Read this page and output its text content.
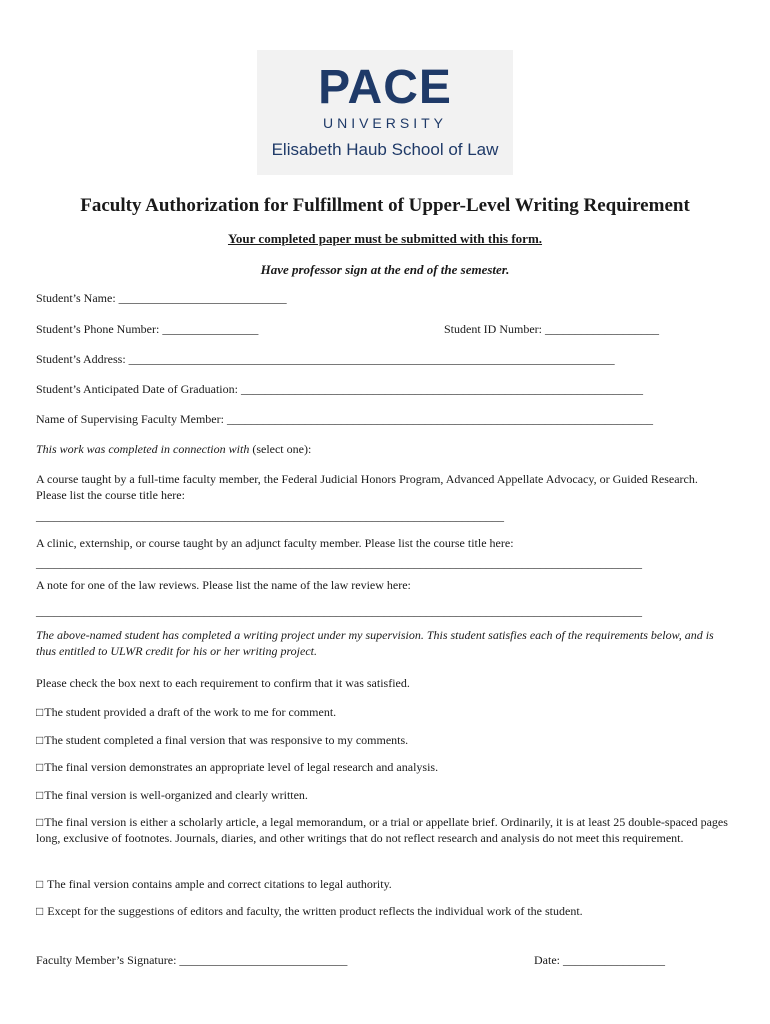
PACE
UNIVERSITY
Elisabeth Haub School of Law
Faculty Authorization for Fulfillment of Upper-Level Writing Requirement
Your completed paper must be submitted with this form.
Have professor sign at the end of the semester.
Student’s Name: ____________________________
Student’s Phone Number: ________________	Student ID Number: ___________________
Student’s Address: _________________________________________________________________________________
Student’s Anticipated Date of Graduation: ___________________________________________________________________
Name of Supervising Faculty Member: _______________________________________________________________________
This work was completed in connection with (select one):
A course taught by a full-time faculty member, the Federal Judicial Honors Program, Advanced Appellate Advocacy, or Guided Research. Please list the course title here:
______________________________________________________________________________
A clinic, externship, or course taught by an adjunct faculty member. Please list the course title here:
_____________________________________________________________________________________________________
A note for one of the law reviews. Please list the name of the law review here:
_____________________________________________________________________________________________________
The above-named student has completed a writing project under my supervision. This student satisfies each of the requirements below, and is thus entitled to ULWR credit for his or her writing project.
Please check the box next to each requirement to confirm that it was satisfied.
□The student provided a draft of the work to me for comment.
□The student completed a final version that was responsive to my comments.
□The final version demonstrates an appropriate level of legal research and analysis.
□The final version is well-organized and clearly written.
□The final version is either a scholarly article, a legal memorandum, or a trial or appellate brief. Ordinarily, it is at least 25 double-spaced pages long, exclusive of footnotes. Journals, diaries, and other writings that do not reflect research and analysis do not meet this requirement.
□ The final version contains ample and correct citations to legal authority.
□ Except for the suggestions of editors and faculty, the written product reflects the individual work of the student.
Faculty Member’s Signature: ____________________________	Date: _________________
